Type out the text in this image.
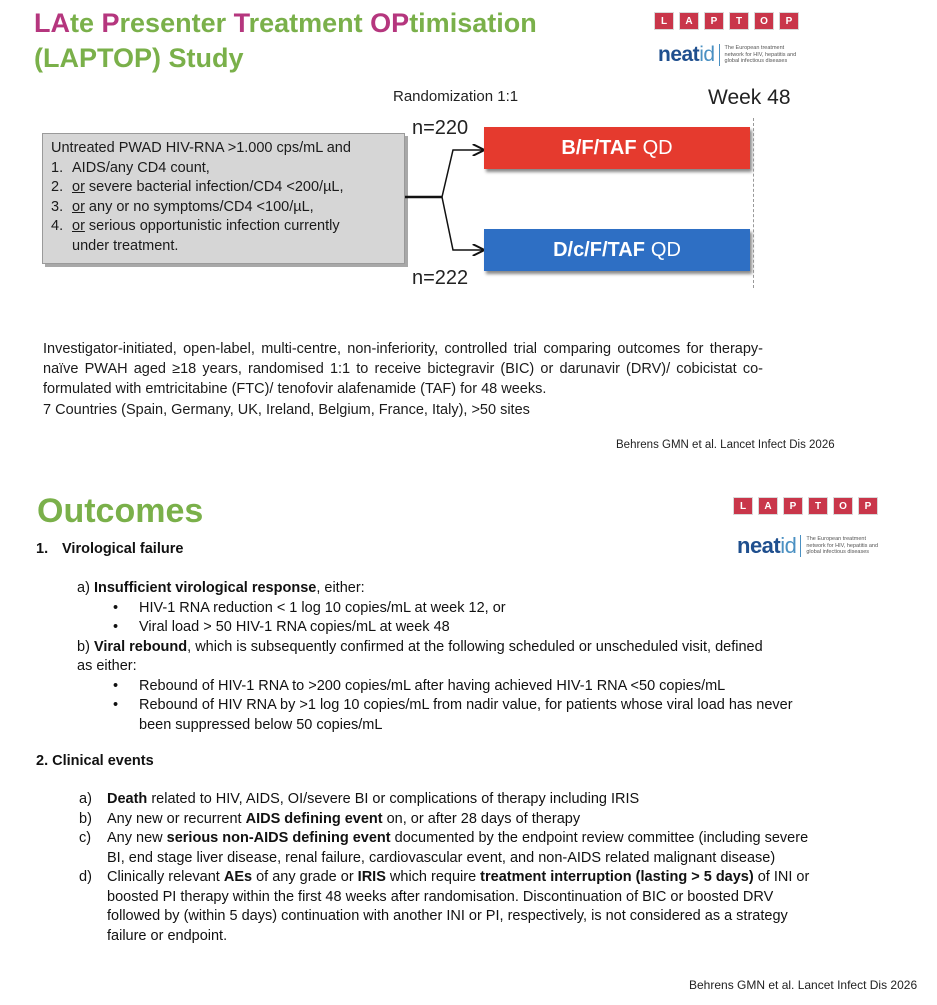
LAte Presenter Treatment OPtimisation
(LAPTOP) Study
L	A	P	T	O	P
neatid The European treatment network for HIV, hepatitis and global infectious diseases
Randomization 1:1	Week 48
n=220
n=222
Untreated PWAD HIV-RNA >1.000 cps/mL and
1. AIDS/any CD4 count,
2. or severe bacterial infection/CD4 <200/µL,
3. or any or no symptoms/CD4 <100/µL,
4. or serious opportunistic infection currently
under treatment.
B/F/TAF QD
D/c/F/TAF QD
Investigator-initiated, open-label, multi-centre, non-inferiority, controlled trial comparing outcomes for therapy-naïve PWAH aged ≥18 years, randomised 1:1 to receive bictegravir (BIC) or darunavir (DRV)/ cobicistat co-formulated with emtricitabine (FTC)/ tenofovir alafenamide (TAF) for 48 weeks.
7 Countries (Spain, Germany, UK, Ireland, Belgium, France, Italy), >50 sites
Behrens GMN et al. Lancet Infect Dis 2026
Outcomes	L	A	P	T	O	P
neatid The European treatment network for HIV, hepatitis and global infectious diseases
1. Virological failure
a) Insufficient virological response, either:
•	HIV-1 RNA reduction < 1 log 10 copies/mL at week 12, or
•	Viral load > 50 HIV-1 RNA copies/mL at week 48
b) Viral rebound, which is subsequently confirmed at the following scheduled or unscheduled visit, defined
as either:
•	Rebound of HIV-1 RNA to >200 copies/mL after having achieved HIV-1 RNA <50 copies/mL
•	Rebound of HIV RNA by >1 log 10 copies/mL from nadir value, for patients whose viral load has never
been suppressed below 50 copies/mL
2. Clinical events
a)	Death related to HIV, AIDS, OI/severe BI or complications of therapy including IRIS
b)	Any new or recurrent AIDS defining event on, or after 28 days of therapy
c)	Any new serious non-AIDS defining event documented by the endpoint review committee (including severe
BI, end stage liver disease, renal failure, cardiovascular event, and non-AIDS related malignant disease)
d)	Clinically relevant AEs of any grade or IRIS which require treatment interruption (lasting > 5 days) of INI or
boosted PI therapy within the first 48 weeks after randomisation. Discontinuation of BIC or boosted DRV
followed by (within 5 days) continuation with another INI or PI, respectively, is not considered as a strategy
failure or endpoint.
Behrens GMN et al. Lancet Infect Dis 2026
